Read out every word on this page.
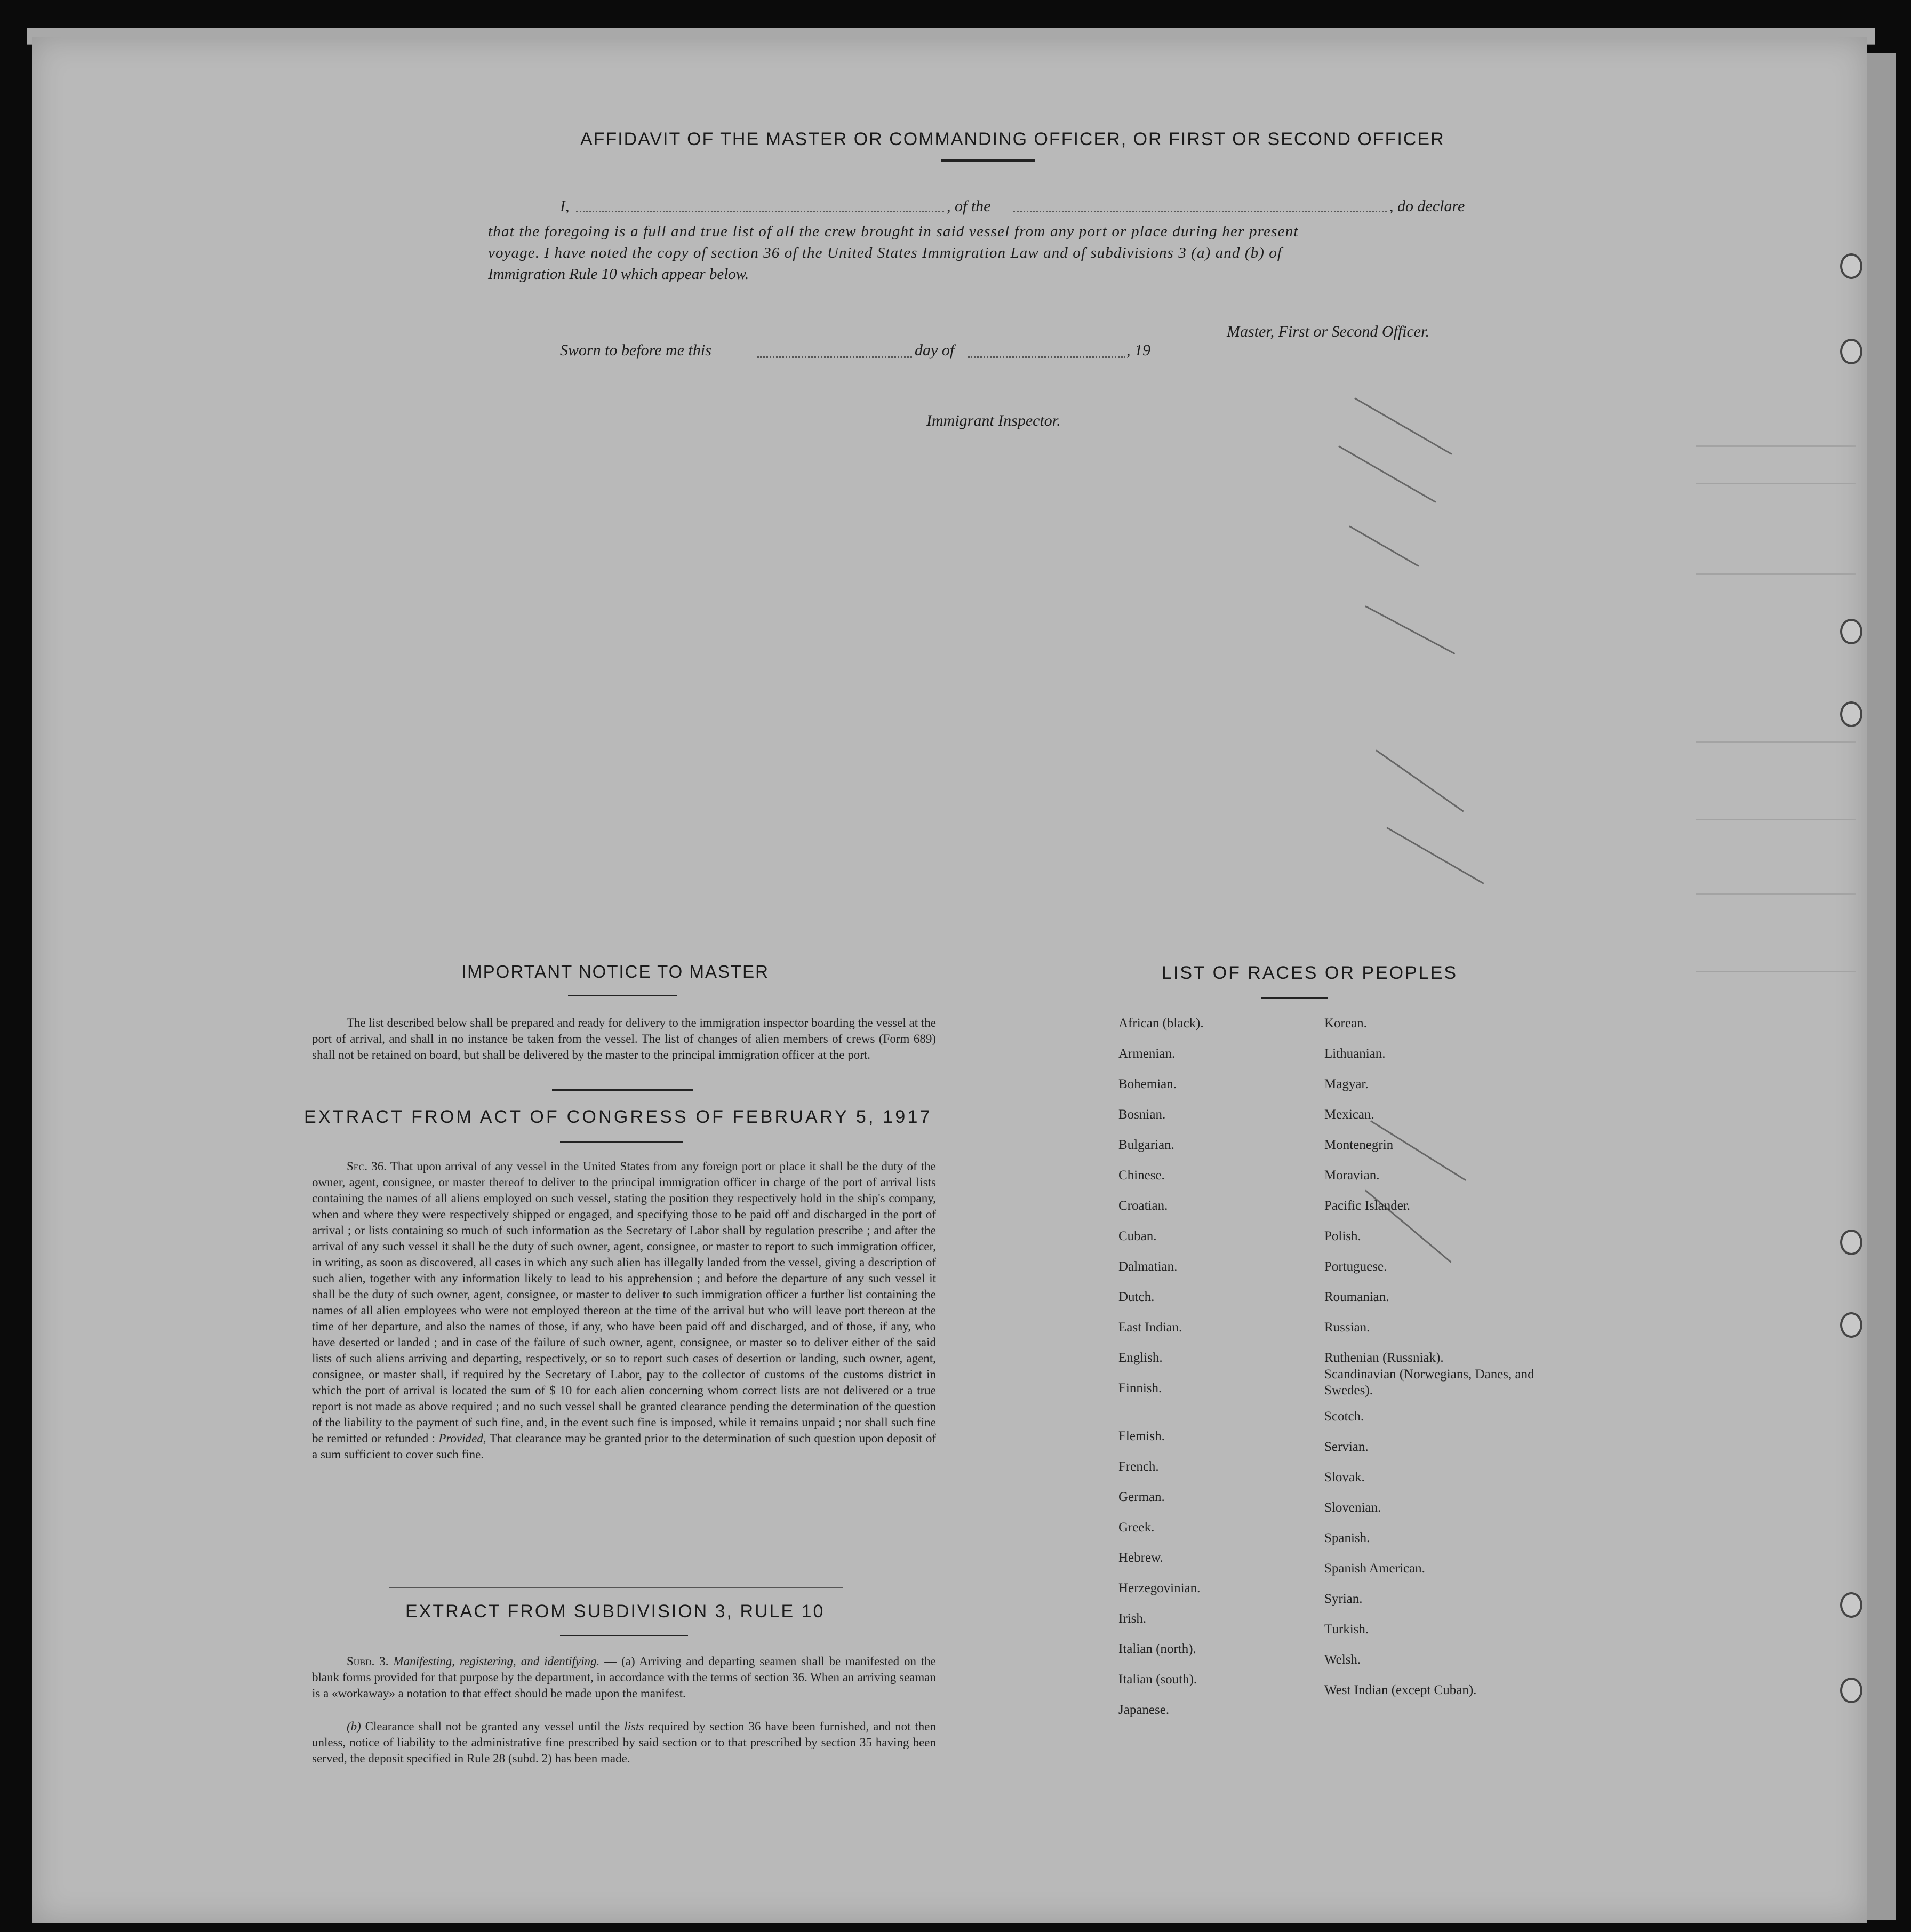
AFFIDAVIT OF THE MASTER OR COMMANDING OFFICER, OR FIRST OR SECOND OFFICER
I,	, of the	, do declare
that the foregoing is a full and true list of all the crew brought in said vessel from any port or place during her present
voyage. I have noted the copy of section 36 of the United States Immigration Law and of subdivisions 3 (a) and (b) of
Immigration Rule 10 which appear below.
Master, First or Second Officer.
Sworn to before me this	day of	, 19
Immigrant Inspector.
IMPORTANT NOTICE TO MASTER
The list described below shall be prepared and ready for delivery to the immigration inspector boarding the vessel at the port of arrival, and shall in no instance be taken from the vessel. The list of changes of alien members of crews (Form 689) shall not be retained on board, but shall be delivered by the master to the principal immigration officer at the port.
EXTRACT FROM ACT OF CONGRESS OF FEBRUARY 5, 1917
Sec. 36. That upon arrival of any vessel in the United States from any foreign port or place it shall be the duty of the owner, agent, consignee, or master thereof to deliver to the principal immigration officer in charge of the port of arrival lists containing the names of all aliens employed on such vessel, stating the position they respectively hold in the ship's company, when and where they were respectively shipped or engaged, and specifying those to be paid off and discharged in the port of arrival ; or lists containing so much of such information as the Secretary of Labor shall by regulation prescribe ; and after the arrival of any such vessel it shall be the duty of such owner, agent, consignee, or master to report to such immigration officer, in writing, as soon as discovered, all cases in which any such alien has illegally landed from the vessel, giving a description of such alien, together with any information likely to lead to his apprehension ; and before the departure of any such vessel it shall be the duty of such owner, agent, consignee, or master to deliver to such immigration officer a further list containing the names of all alien employees who were not employed thereon at the time of the arrival but who will leave port thereon at the time of her departure, and also the names of those, if any, who have been paid off and discharged, and of those, if any, who have deserted or landed ; and in case of the failure of such owner, agent, consignee, or master so to deliver either of the said lists of such aliens arriving and departing, respectively, or so to report such cases of desertion or landing, such owner, agent, consignee, or master shall, if required by the Secretary of Labor, pay to the collector of customs of the customs district in which the port of arrival is located the sum of $ 10 for each alien concerning whom correct lists are not delivered or a true report is not made as above required ; and no such vessel shall be granted clearance pending the determination of the question of the liability to the payment of such fine, and, in the event such fine is imposed, while it remains unpaid ; nor shall such fine be remitted or refunded : Provided, That clearance may be granted prior to the determination of such question upon deposit of a sum sufficient to cover such fine.
EXTRACT FROM SUBDIVISION 3, RULE 10
Subd. 3. Manifesting, registering, and identifying. — (a) Arriving and departing seamen shall be manifested on the blank forms provided for that purpose by the department, in accordance with the terms of section 36. When an arriving seaman is a «workaway» a notation to that effect should be made upon the manifest.
(b) Clearance shall not be granted any vessel until the lists required by section 36 have been furnished, and not then unless, notice of liability to the administrative fine prescribed by said section or to that prescribed by section 35 having been served, the deposit specified in Rule 28 (subd. 2) has been made.
LIST OF RACES OR PEOPLES
African (black).
Armenian.
Bohemian.
Bosnian.
Bulgarian.
Chinese.
Croatian.
Cuban.
Dalmatian.
Dutch.
East Indian.
English.
Finnish.
Flemish.
French.
German.
Greek.
Hebrew.
Herzegovinian.
Irish.
Italian (north).
Italian (south).
Japanese.
Korean.
Lithuanian.
Magyar.
Mexican.
Montenegrin
Moravian.
Pacific Islander.
Polish.
Portuguese.
Roumanian.
Russian.
Ruthenian (Russniak).
Scandinavian (Norwegians, Danes, and Swedes).
Scotch.
Servian.
Slovak.
Slovenian.
Spanish.
Spanish American.
Syrian.
Turkish.
Welsh.
West Indian (except Cuban).
